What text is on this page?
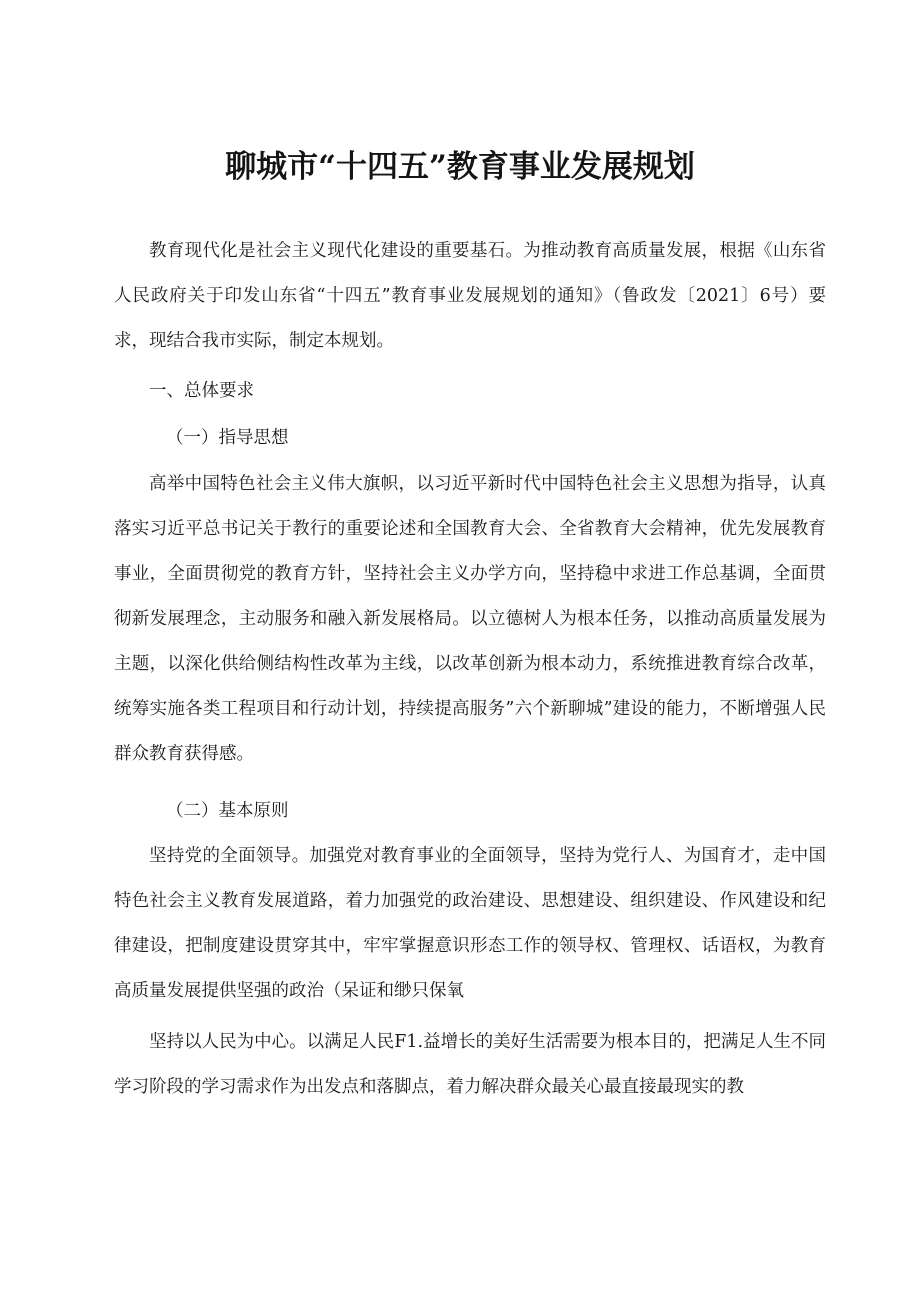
聊城市“十四五”教育事业发展规划

教育现代化是社会主义现代化建设的重要基石。为推动教育高质量发展，根据《山东省人民政府关于印发山东省“十四五”教育事业发展规划的通知》（鲁政发〔2021〕6号）要求，现结合我市实际，制定本规划。

一、总体要求

（一）指导思想

高举中国特色社会主义伟大旗帜，以习近平新时代中国特色社会主义思想为指导，认真落实习近平总书记关于教行的重要论述和全国教育大会、全省教育大会精神，优先发展教育事业，全面贯彻党的教育方针，坚持社会主义办学方向，坚持稳中求进工作总基调，全面贯彻新发展理念，主动服务和融入新发展格局。以立德树人为根本任务，以推动高质量发展为主题，以深化供给侧结构性改革为主线，以改革创新为根本动力，系统推进教育综合改革，统筹实施各类工程项目和行动计划，持续提高服务”六个新聊城”建设的能力，不断增强人民群众教育获得感。

（二）基本原则

坚持党的全面领导。加强党对教育事业的全面领导，坚持为党行人、为国育才，走中国特色社会主义教育发展道路，着力加强党的政治建设、思想建设、组织建设、作风建设和纪律建设，把制度建设贯穿其中，牢牢掌握意识形态工作的领导权、管理权、话语权，为教育高质量发展提供坚强的政治（呆证和缈只保氧

坚持以人民为中心。以满足人民F1.益增长的美好生活需要为根本目的，把满足人生不同学习阶段的学习需求作为出发点和落脚点，着力解决群众最关心最直接最现实的教
